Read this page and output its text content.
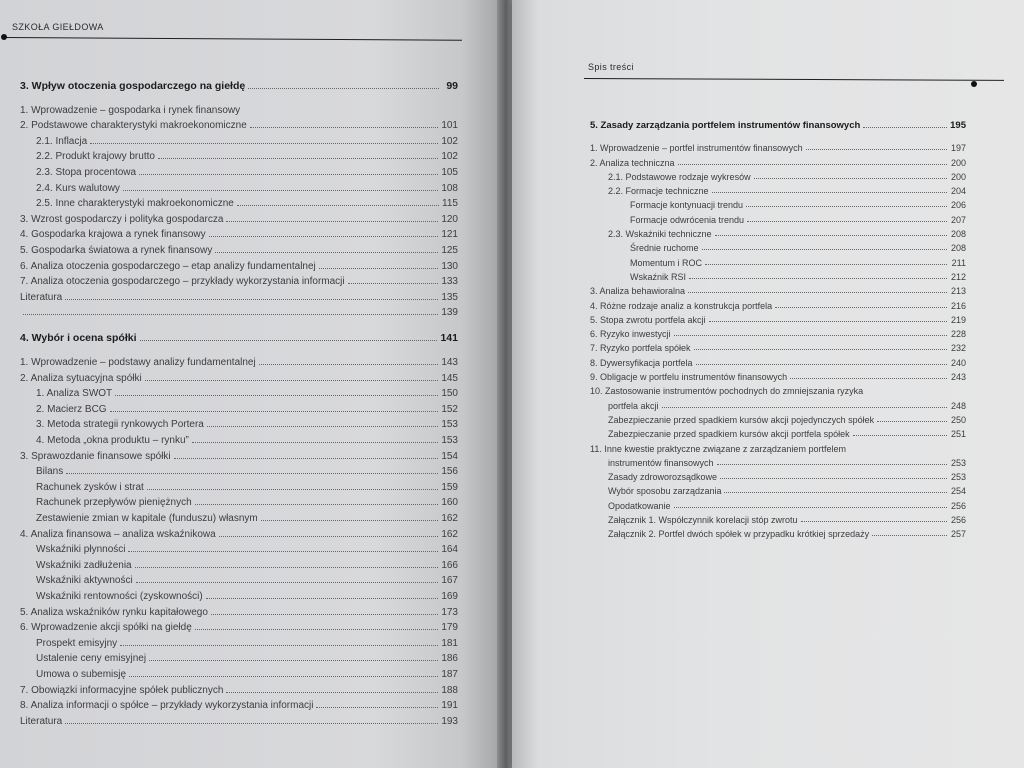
SZKOŁA GIEŁDOWA
3. Wpływ otoczenia gospodarczego na giełdę	99
1. Wprowadzenie – gospodarka i rynek finansowy
2. Podstawowe charakterystyki makroekonomiczne	101
2.1. Inflacja	102
2.2. Produkt krajowy brutto	102
2.3. Stopa procentowa	105
2.4. Kurs walutowy	108
2.5. Inne charakterystyki makroekonomiczne	115
3. Wzrost gospodarczy i polityka gospodarcza	120
4. Gospodarka krajowa a rynek finansowy	121
5. Gospodarka światowa a rynek finansowy	125
6. Analiza otoczenia gospodarczego – etap analizy fundamentalnej	130
7. Analiza otoczenia gospodarczego – przykłady wykorzystania informacji	133
Literatura	135
139
4. Wybór i ocena spółki	141
1. Wprowadzenie – podstawy analizy fundamentalnej	143
2. Analiza sytuacyjna spółki	145
1. Analiza SWOT	150
2. Macierz BCG	152
3. Metoda strategii rynkowych Portera	153
4. Metoda „okna produktu – rynku”	153
3. Sprawozdanie finansowe spółki	154
Bilans	156
Rachunek zysków i strat	159
Rachunek przepływów pieniężnych	160
Zestawienie zmian w kapitale (funduszu) własnym	162
4. Analiza finansowa – analiza wskaźnikowa	162
Wskaźniki płynności	164
Wskaźniki zadłużenia	166
Wskaźniki aktywności	167
Wskaźniki rentowności (zyskowności)	169
5. Analiza wskaźników rynku kapitałowego	173
6. Wprowadzenie akcji spółki na giełdę	179
Prospekt emisyjny	181
Ustalenie ceny emisyjnej	186
Umowa o subemisję	187
7. Obowiązki informacyjne spółek publicznych	188
8. Analiza informacji o spółce – przykłady wykorzystania informacji	191
Literatura	193
Spis treści
5. Zasady zarządzania portfelem instrumentów finansowych	195
1. Wprowadzenie – portfel instrumentów finansowych	197
2. Analiza techniczna	200
2.1. Podstawowe rodzaje wykresów	200
2.2. Formacje techniczne	204
Formacje kontynuacji trendu	206
Formacje odwrócenia trendu	207
2.3. Wskaźniki techniczne	208
Średnie ruchome	208
Momentum i ROC	211
Wskaźnik RSI	212
3. Analiza behawioralna	213
4. Różne rodzaje analiz a konstrukcja portfela	216
5. Stopa zwrotu portfela akcji	219
6. Ryzyko inwestycji	228
7. Ryzyko portfela spółek	232
8. Dywersyfikacja portfela	240
9. Obligacje w portfelu instrumentów finansowych	243
10. Zastosowanie instrumentów pochodnych do zmniejszania ryzyka
portfela akcji	248
Zabezpieczanie przed spadkiem kursów akcji pojedynczych spółek	250
Zabezpieczanie przed spadkiem kursów akcji portfela spółek	251
11. Inne kwestie praktyczne związane z zarządzaniem portfelem
instrumentów finansowych	253
Zasady zdroworozsądkowe	253
Wybór sposobu zarządzania	254
Opodatkowanie	256
Załącznik 1. Współczynnik korelacji stóp zwrotu	256
Załącznik 2. Portfel dwóch spółek w przypadku krótkiej sprzedaży	257
